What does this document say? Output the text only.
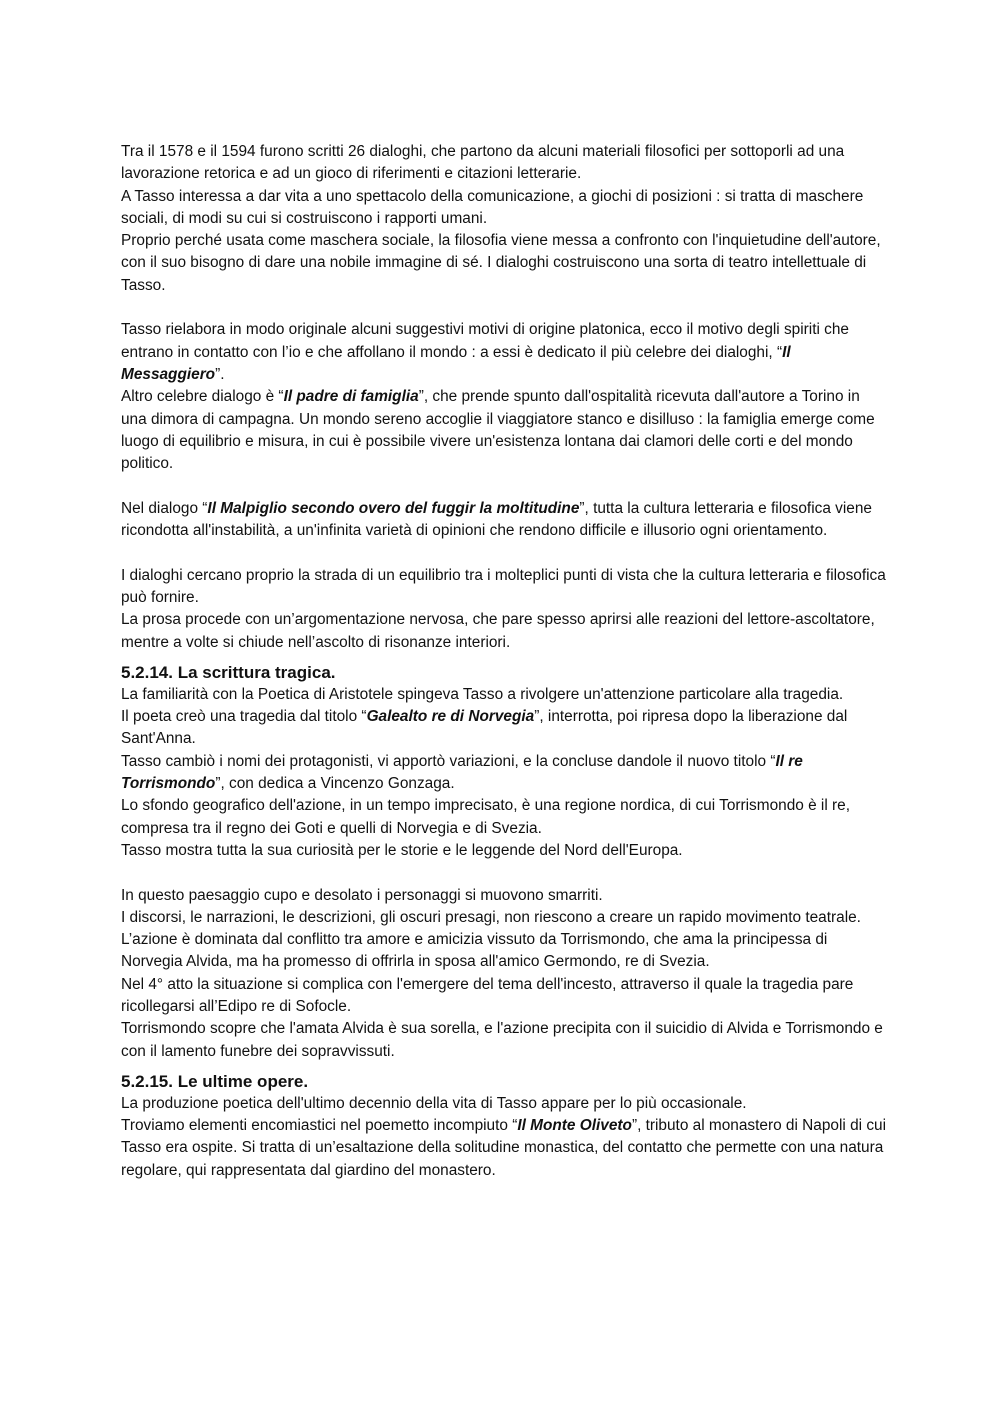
Tra il 1578 e il 1594 furono scritti 26 dialoghi, che partono da alcuni materiali filosofici per sottoporli ad una lavorazione retorica e ad un gioco di riferimenti e citazioni letterarie.

A Tasso interessa a dar vita a uno spettacolo della comunicazione, a giochi di posizioni : si tratta di maschere sociali, di modi su cui si costruiscono i rapporti umani.

Proprio perché usata come maschera sociale, la filosofia viene messa a confronto con l'inquietudine dell'autore, con il suo bisogno di dare una nobile immagine di sé. I dialoghi costruiscono una sorta di teatro intellettuale di Tasso.

Tasso rielabora in modo originale alcuni suggestivi motivi di origine platonica, ecco il motivo degli spiriti che entrano in contatto con l’io e che affollano il mondo : a essi è dedicato il più celebre dei dialoghi, “Il Messaggiero”.

Altro celebre dialogo è “Il padre di famiglia”, che prende spunto dall'ospitalità ricevuta dall'autore a Torino in una dimora di campagna. Un mondo sereno accoglie il viaggiatore stanco e disilluso : la famiglia emerge come luogo di equilibrio e misura, in cui è possibile vivere un'esistenza lontana dai clamori delle corti e del mondo politico.

Nel dialogo “Il Malpiglio secondo overo del fuggir la moltitudine”, tutta la cultura letteraria e filosofica viene ricondotta all'instabilità, a un'infinita varietà di opinioni che rendono difficile e illusorio ogni orientamento.

I dialoghi cercano proprio la strada di un equilibrio tra i molteplici punti di vista che la cultura letteraria e filosofica può fornire.

La prosa procede con un’argomentazione nervosa, che pare spesso aprirsi alle reazioni del lettore-ascoltatore, mentre a volte si chiude nell’ascolto di risonanze interiori.

5.2.14. La scrittura tragica.

La familiarità con la Poetica di Aristotele spingeva Tasso a rivolgere un'attenzione particolare alla tragedia.

Il poeta creò una tragedia dal titolo “Galealto re di Norvegia”, interrotta, poi ripresa dopo la liberazione dal Sant'Anna.

Tasso cambiò i nomi dei protagonisti, vi apportò variazioni, e la concluse dandole il nuovo titolo “Il re Torrismondo”, con dedica a Vincenzo Gonzaga.

Lo sfondo geografico dell'azione, in un tempo imprecisato, è una regione nordica, di cui Torrismondo è il re, compresa tra il regno dei Goti e quelli di Norvegia e di Svezia.

Tasso mostra tutta la sua curiosità per le storie e le leggende del Nord dell'Europa.

In questo paesaggio cupo e desolato i personaggi si muovono smarriti.

I discorsi, le narrazioni, le descrizioni, gli oscuri presagi, non riescono a creare un rapido movimento teatrale.

L’azione è dominata dal conflitto tra amore e amicizia vissuto da Torrismondo, che ama la principessa di Norvegia Alvida, ma ha promesso di offrirla in sposa all'amico Germondo, re di Svezia.

Nel 4° atto la situazione si complica con l'emergere del tema dell'incesto, attraverso il quale la tragedia pare ricollegarsi all’Edipo re di Sofocle.

Torrismondo scopre che l'amata Alvida è sua sorella, e l'azione precipita con il suicidio di Alvida e Torrismondo e con il lamento funebre dei sopravvissuti.

5.2.15. Le ultime opere.

La produzione poetica dell'ultimo decennio della vita di Tasso appare per lo più occasionale.

Troviamo elementi encomiastici nel poemetto incompiuto “Il Monte Oliveto”, tributo al monastero di Napoli di cui Tasso era ospite. Si tratta di un’esaltazione della solitudine monastica, del contatto che permette con una natura regolare, qui rappresentata dal giardino del monastero.
